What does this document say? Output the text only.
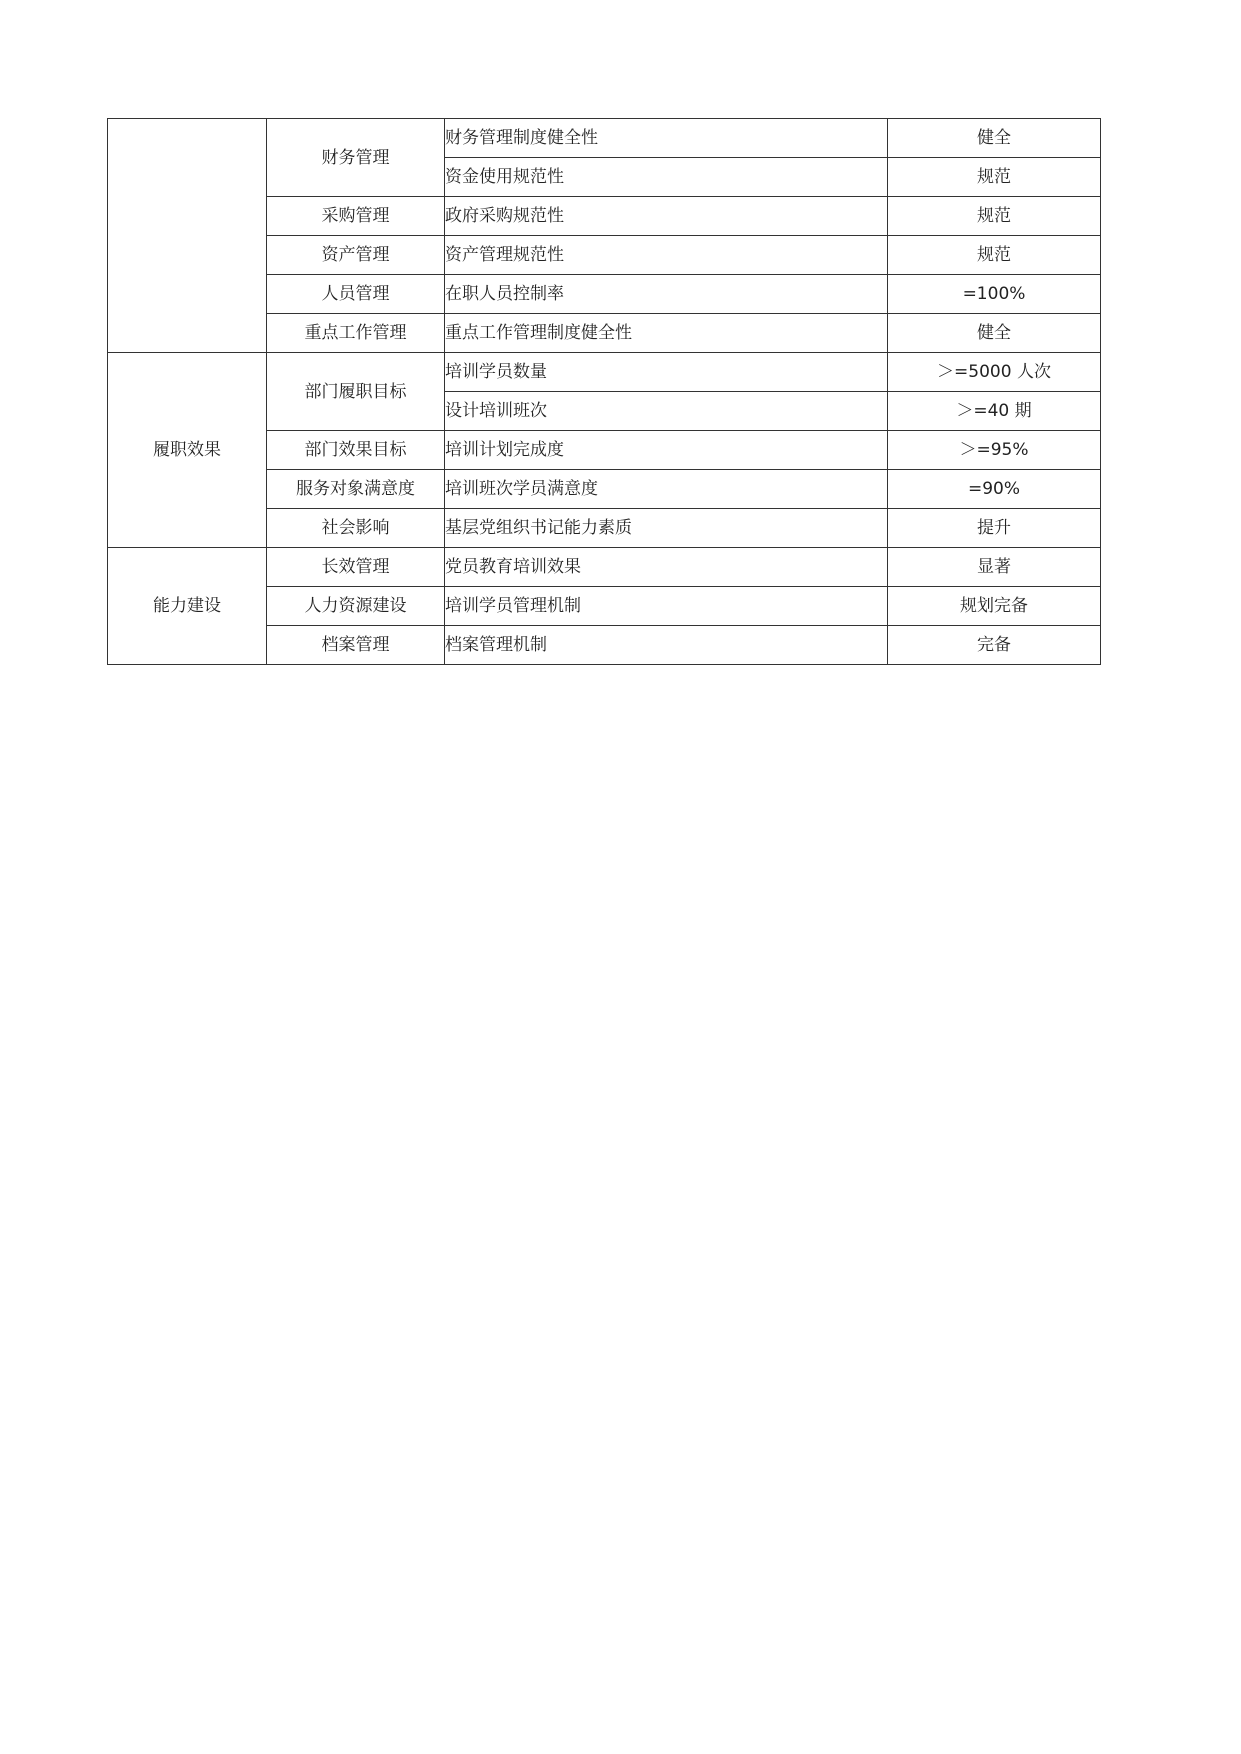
	财务管理	财务管理制度健全性	健全
		资金使用规范性	规范
	采购管理	政府采购规范性	规范
	资产管理	资产管理规范性	规范
	人员管理	在职人员控制率	=100%
	重点工作管理	重点工作管理制度健全性	健全
履职效果	部门履职目标	培训学员数量	＞=5000 人次
		设计培训班次	＞=40 期
	部门效果目标	培训计划完成度	＞=95%
	服务对象满意度	培训班次学员满意度	=90%
	社会影响	基层党组织书记能力素质	提升
能力建设	长效管理	党员教育培训效果	显著
	人力资源建设	培训学员管理机制	规划完备
	档案管理	档案管理机制	完备
